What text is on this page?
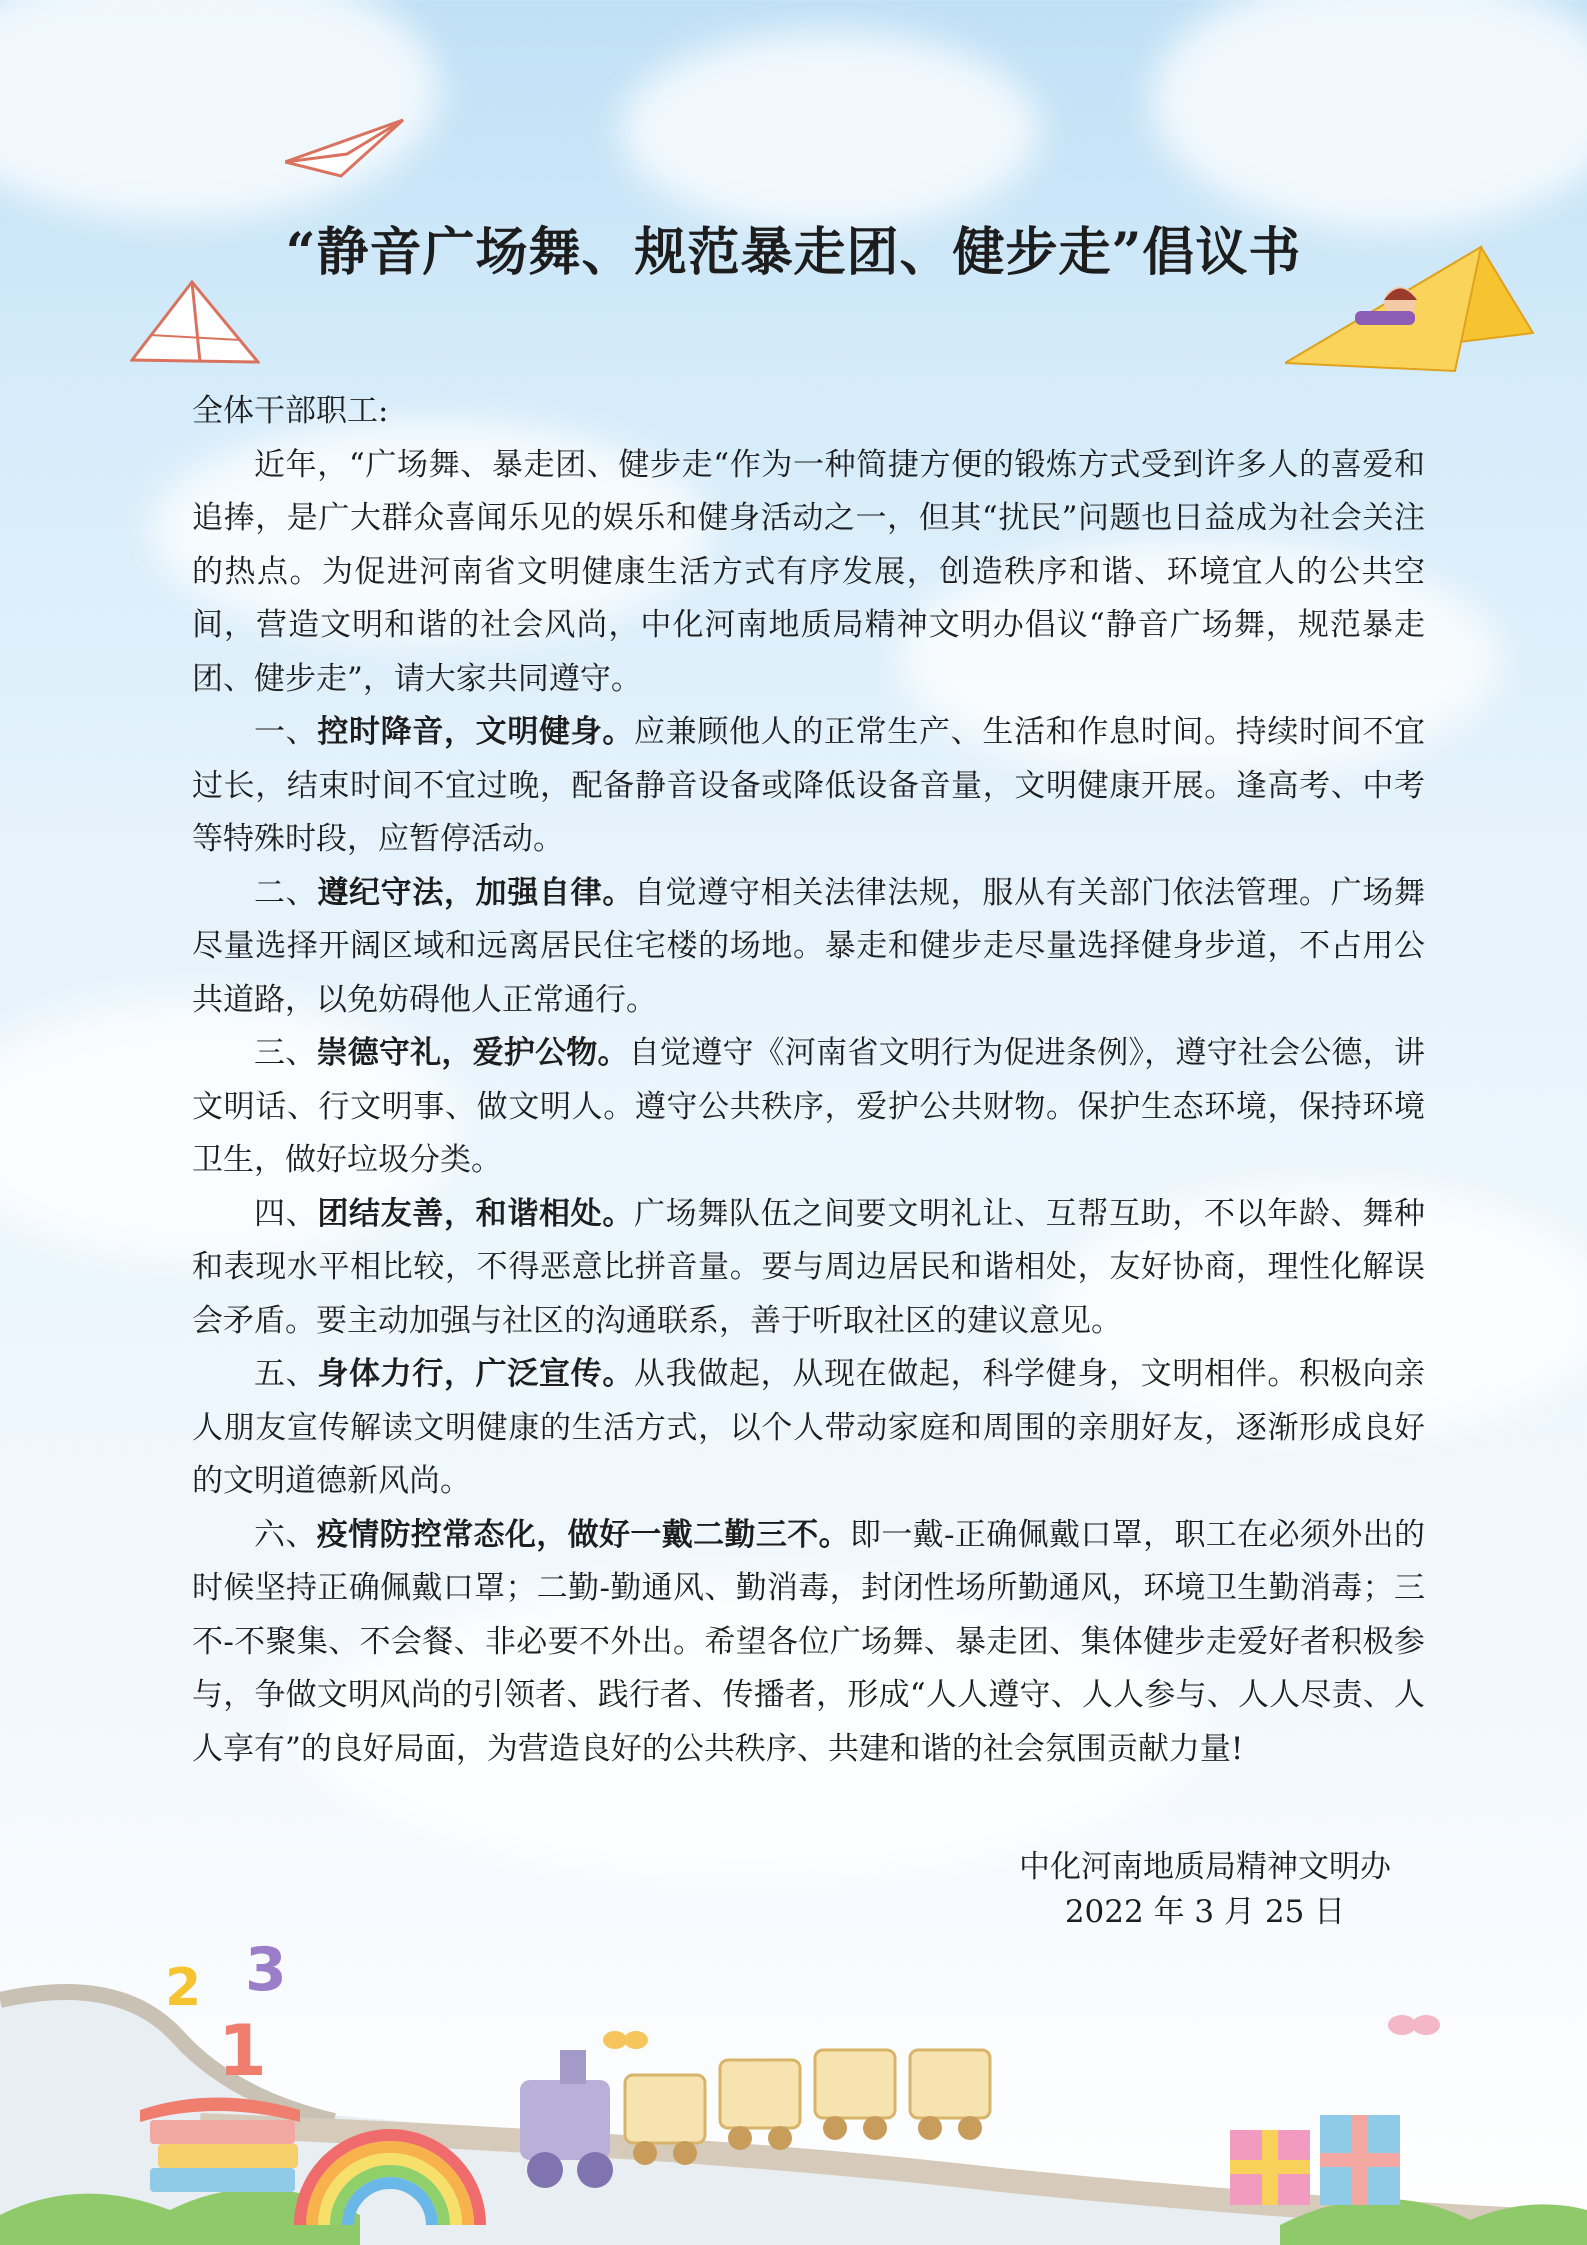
“静音广场舞、规范暴走团、健步走”倡议书

全体干部职工:

近年，“广场舞、暴走团、健步走“作为一种简捷方便的锻炼方式受到许多人的喜爱和追捧，是广大群众喜闻乐见的娱乐和健身活动之一，但其“扰民”问题也日益成为社会关注的热点。为促进河南省文明健康生活方式有序发展，创造秩序和谐、环境宜人的公共空间，营造文明和谐的社会风尚，中化河南地质局精神文明办倡议“静音广场舞，规范暴走团、健步走”，请大家共同遵守。

一、控时降音，文明健身。应兼顾他人的正常生产、生活和作息时间。持续时间不宜过长，结束时间不宜过晚，配备静音设备或降低设备音量，文明健康开展。逢高考、中考等特殊时段，应暂停活动。

二、遵纪守法，加强自律。自觉遵守相关法律法规，服从有关部门依法管理。广场舞尽量选择开阔区域和远离居民住宅楼的场地。暴走和健步走尽量选择健身步道，不占用公共道路，以免妨碍他人正常通行。

三、崇德守礼，爱护公物。自觉遵守《河南省文明行为促进条例》，遵守社会公德，讲文明话、行文明事、做文明人。遵守公共秩序，爱护公共财物。保护生态环境，保持环境卫生，做好垃圾分类。

四、团结友善，和谐相处。广场舞队伍之间要文明礼让、互帮互助，不以年龄、舞种和表现水平相比较，不得恶意比拼音量。要与周边居民和谐相处，友好协商，理性化解误会矛盾。要主动加强与社区的沟通联系，善于听取社区的建议意见。

五、身体力行，广泛宣传。从我做起，从现在做起，科学健身，文明相伴。积极向亲人朋友宣传解读文明健康的生活方式，以个人带动家庭和周围的亲朋好友，逐渐形成良好的文明道德新风尚。

六、疫情防控常态化，做好一戴二勤三不。即一戴-正确佩戴口罩，职工在必须外出的时候坚持正确佩戴口罩；二勤-勤通风、勤消毒，封闭性场所勤通风，环境卫生勤消毒；三不-不聚集、不会餐、非必要不外出。希望各位广场舞、暴走团、集体健步走爱好者积极参与，争做文明风尚的引领者、践行者、传播者，形成“人人遵守、人人参与、人人尽责、人人享有”的良好局面，为营造良好的公共秩序、共建和谐的社会氛围贡献力量!

中化河南地质局精神文明办
2022 年 3 月 25 日
1
2 3
